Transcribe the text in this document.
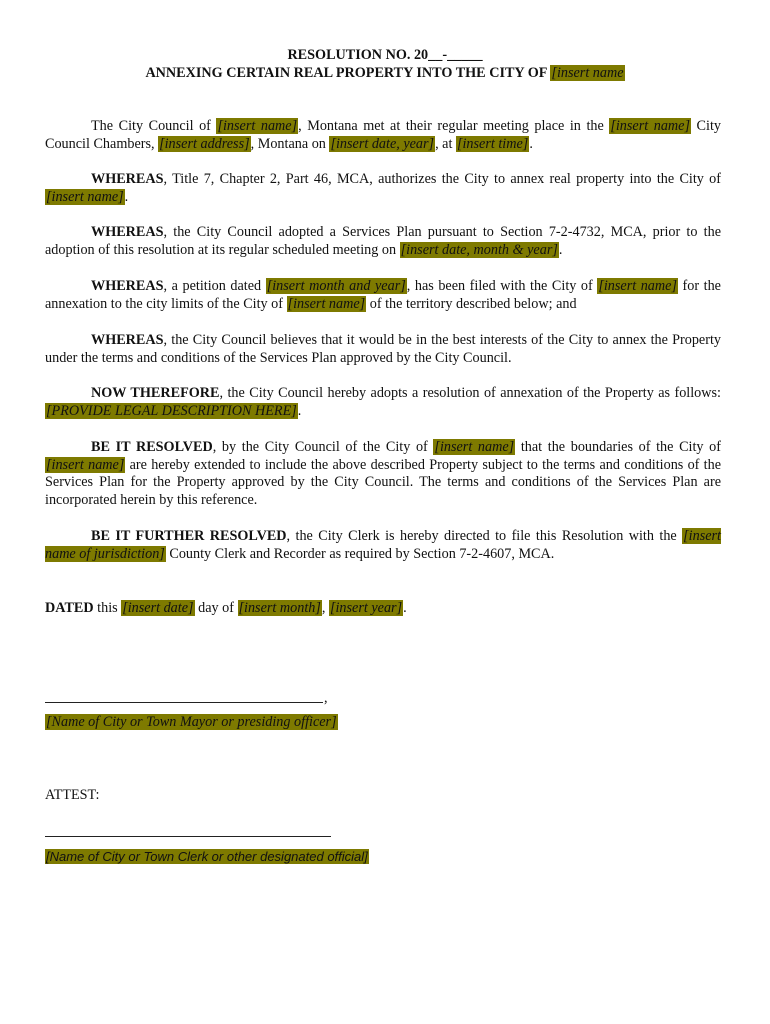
RESOLUTION NO. 20__-_____
ANNEXING CERTAIN REAL PROPERTY INTO THE CITY OF [insert name
The City Council of [insert name], Montana met at their regular meeting place in the [insert name] City Council Chambers, [insert address], Montana on [insert date, year], at [insert time].
WHEREAS, Title 7, Chapter 2, Part 46, MCA, authorizes the City to annex real property into the City of [insert name].
WHEREAS, the City Council adopted a Services Plan pursuant to Section 7-2-4732, MCA, prior to the adoption of this resolution at its regular scheduled meeting on [insert date, month & year].
WHEREAS, a petition dated [insert month and year], has been filed with the City of [insert name] for the annexation to the city limits of the City of [insert name] of the territory described below; and
WHEREAS, the City Council believes that it would be in the best interests of the City to annex the Property under the terms and conditions of the Services Plan approved by the City Council.
NOW THEREFORE, the City Council hereby adopts a resolution of annexation of the Property as follows: [PROVIDE LEGAL DESCRIPTION HERE].
BE IT RESOLVED, by the City Council of the City of [insert name] that the boundaries of the City of [insert name] are hereby extended to include the above described Property subject to the terms and conditions of the Services Plan for the Property approved by the City Council. The terms and conditions of the Services Plan are incorporated herein by this reference.
BE IT FURTHER RESOLVED, the City Clerk is hereby directed to file this Resolution with the [insert name of jurisdiction] County Clerk and Recorder as required by Section 7-2-4607, MCA.
DATED this [insert date] day of [insert month], [insert year].
,
[Name of City or Town Mayor or presiding officer]
ATTEST:
[Name of City or Town Clerk or other designated official]
